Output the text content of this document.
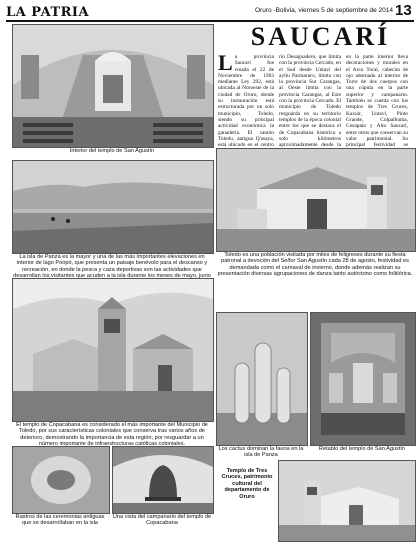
LA PATRIA	Oruro -Bolivia, viernes 5 de septiembre de 2014 13
SAUCARÍ
Interior del templo de San Agustín
La provincia Saucarí fue creada el 22 de Noviembre de 1963 mediante Ley 292, está ubicada al Noroeste de la ciudad de Oruro, donde su instauración está estructurada por un solo municipio, Toledo, siendo su principal actividad económica la ganadería. El cantón Toledo, antigua Q'asaya, está ubicado en el centro
río Desaguadero, que limita con la provincia Cercado, en el Sud desde Untavi del ayllu Parmaruro, limita con la provincia Sur Carangas, al Oeste limita con la provincia Carangas, al Este con la provincia Cercado. El municipio de Toledo resguarda en su territorio templos de la época colonial entre los que se destaca el de Copacabana histórico a solo kilómetros aproximadamente desde la
en la parte interior lleva decoraciones y murales en el Arco Toral, cabecita de ojo adornado al interior de Torre de dos cuerpos con una cúpula en la parte superior y campanario. También se cuenta con los templos de Tres Cruces, Kaxuir, Untavi, Pinto Grande, Culpalhuma, Cosapata y Alto Saucarí, entre otros que conservan su valor patrimonial. Su principal festividad se
La isla de Panza es la mayor y una de las más importantes elevaciones en interior de lago Poopó, que presenta un paisaje benévolo para el descanso y recreación, en donde la pesca y caza deportivas son las actividades que desarrollan los visitantes que acuden a la isla durante los meses de mayo, junio
Toledo es una población visitada por miles de feligreses durante su fiesta patronal a devoción del Señor San Agustín cada 28 de agosto, festividad es demandada como el carnaval de invierno, donde además realizan su presentación diversas agrupaciones de danza tanto autóctono como folklórica.
El templo de Copacabana es considerado el más importante del Municipio de Toledo, por sus características coloniales que conserva tras varios años de deterioro, demostrando la importancia de esta región, por resguardar a un número importante de infraestructuras católicas coloniales.
Los cactus dominan la fauna en la isla de Panza
Retablo del templo de San Agustín
Rastros de las ceremonias antiguas que se desarrollaban en la isla
Una vista del campanario del templo de Copacabana
Templo de Tres Cruces, patrimonio cultural del departamento de Oruro
